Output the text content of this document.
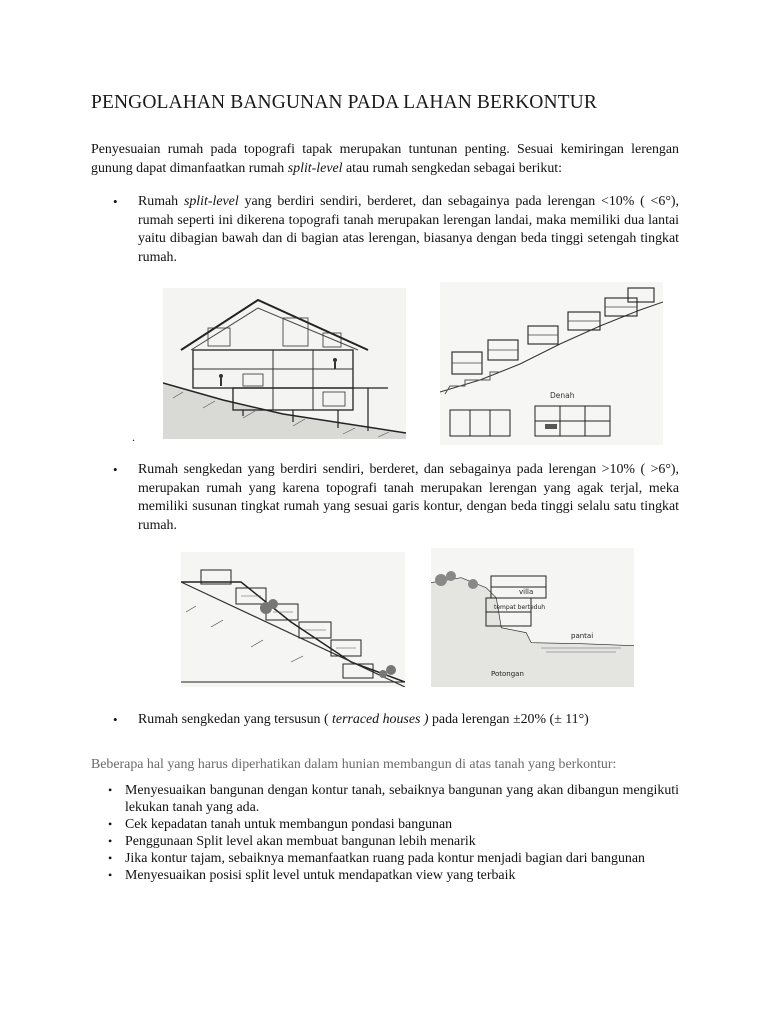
PENGOLAHAN BANGUNAN PADA LAHAN BERKONTUR
Penyesuaian rumah pada topografi tapak merupakan tuntunan penting. Sesuai kemiringan lerengan gunung dapat dimanfaatkan rumah split-level atau rumah sengkedan sebagai berikut:
• Rumah split-level yang berdiri sendiri, berderet, dan sebagainya pada lerengan <10% ( <6°), rumah seperti ini dikerena topografi tanah merupakan lerengan landai, maka memiliki dua lantai yaitu dibagian bawah dan di bagian atas lerengan, biasanya dengan beda tinggi setengah tingkat rumah.
Denah
.
• Rumah sengkedan yang berdiri sendiri, berderet, dan sebagainya pada lerengan >10% ( >6°), merupakan rumah yang karena topografi tanah merupakan lerengan yang agak terjal, meka memiliki susunan tingkat rumah yang sesuai garis kontur, dengan beda tinggi selalu satu tingkat rumah.
villa
tempat berteduh
pantai
Potongan
• Rumah sengkedan yang tersusun ( terraced houses ) pada lerengan ±20% (± 11°)
Beberapa hal yang harus diperhatikan dalam hunian membangun di atas tanah yang berkontur:
• Menyesuaikan bangunan dengan kontur tanah, sebaiknya bangunan yang akan dibangun mengikuti lekukan tanah yang ada.
• Cek kepadatan tanah untuk membangun pondasi bangunan
• Penggunaan Split level akan membuat bangunan lebih menarik
• Jika kontur tajam, sebaiknya memanfaatkan ruang pada kontur menjadi bagian dari bangunan
• Menyesuaikan posisi split level untuk mendapatkan view yang terbaik
